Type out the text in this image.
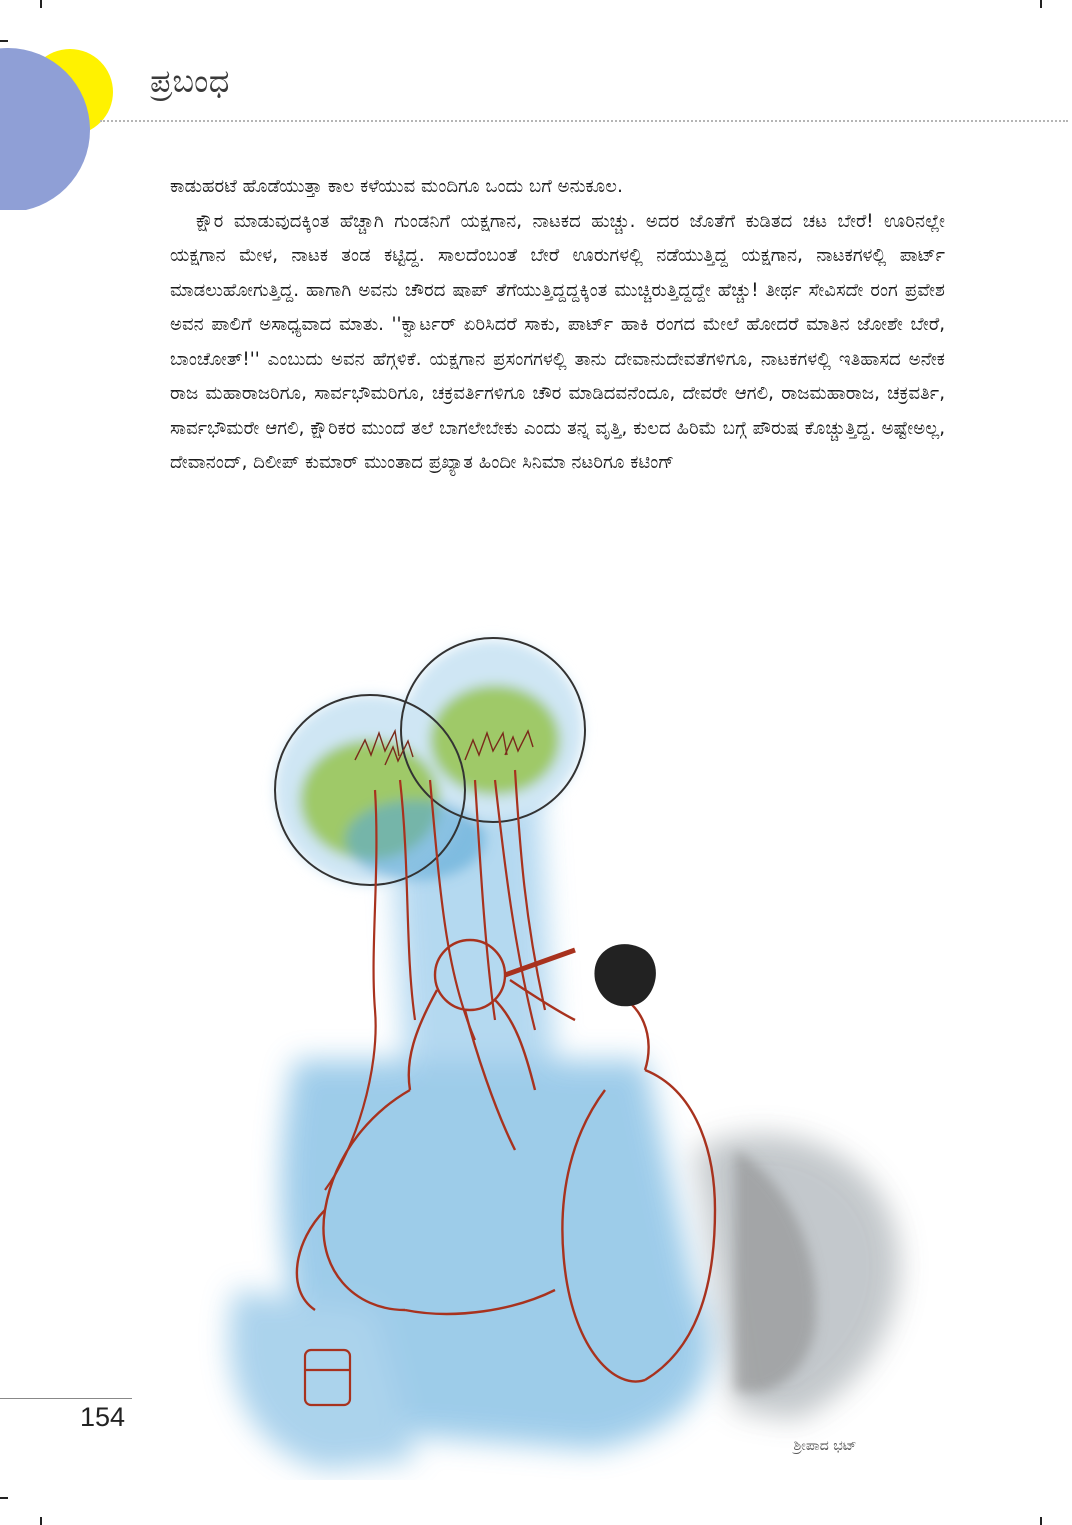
ಪ್ರಬಂಧ

ಕಾಡುಹರಟೆ ಹೊಡೆಯುತ್ತಾ ಕಾಲ ಕಳೆಯುವ ಮಂದಿಗೂ ಒಂದು ಬಗೆ ಅನುಕೂಲ.

ಕ್ಷೌರ ಮಾಡುವುದಕ್ಕಿಂತ ಹೆಚ್ಚಾಗಿ ಗುಂಡನಿಗೆ ಯಕ್ಷಗಾನ, ನಾಟಕದ ಹುಚ್ಚು. ಅದರ ಜೊತೆಗೆ ಕುಡಿತದ ಚಟ ಬೇರೆ! ಊರಿನಲ್ಲೇ ಯಕ್ಷಗಾನ ಮೇಳ, ನಾಟಕ ತಂಡ ಕಟ್ಟಿದ್ದ. ಸಾಲದೆಂಬಂತೆ ಬೇರೆ ಊರುಗಳಲ್ಲಿ ನಡೆಯುತ್ತಿದ್ದ ಯಕ್ಷಗಾನ, ನಾಟಕಗಳಲ್ಲಿ ಪಾರ್ಟ್ ಮಾಡಲುಹೋಗುತ್ತಿದ್ದ. ಹಾಗಾಗಿ ಅವನು ಚೌರದ ಷಾಪ್ ತೆಗೆಯುತ್ತಿದ್ದದ್ದಕ್ಕಿಂತ ಮುಚ್ಚಿರುತ್ತಿದ್ದದ್ದೇ ಹೆಚ್ಚು! ತೀರ್ಥ ಸೇವಿಸದೇ ರಂಗ ಪ್ರವೇಶ ಅವನ ಪಾಲಿಗೆ ಅಸಾಧ್ಯವಾದ ಮಾತು. ''ಕ್ವಾರ್ಟರ್ ಏರಿಸಿದರೆ ಸಾಕು, ಪಾರ್ಟ್ ಹಾಕಿ ರಂಗದ ಮೇಲೆ ಹೋದರೆ ಮಾತಿನ ಜೋಶೇ ಬೇರೆ, ಬಾಂಚೋತ್!'' ಎಂಬುದು ಅವನ ಹೆಗ್ಗಳಿಕೆ. ಯಕ್ಷಗಾನ ಪ್ರಸಂಗಗಳಲ್ಲಿ ತಾನು ದೇವಾನುದೇವತೆಗಳಿಗೂ, ನಾಟಕಗಳಲ್ಲಿ ಇತಿಹಾಸದ ಅನೇಕ ರಾಜ ಮಹಾರಾಜರಿಗೂ, ಸಾರ್ವಭೌಮರಿಗೂ, ಚಕ್ರವರ್ತಿಗಳಿಗೂ ಚೌರ ಮಾಡಿದವನೆಂದೂ, ದೇವರೇ ಆಗಲಿ, ರಾಜಮಹಾರಾಜ, ಚಕ್ರವರ್ತಿ, ಸಾರ್ವಭೌಮರೇ ಆಗಲಿ, ಕ್ಷೌರಿಕರ ಮುಂದೆ ತಲೆ ಬಾಗಲೇಬೇಕು ಎಂದು ತನ್ನ ವೃತ್ತಿ, ಕುಲದ ಹಿರಿಮೆ ಬಗ್ಗೆ ಪೌರುಷ ಕೊಚ್ಚುತ್ತಿದ್ದ. ಅಷ್ಟೇಅಲ್ಲ, ದೇವಾನಂದ್, ದಿಲೀಪ್ ಕುಮಾರ್ ಮುಂತಾದ ಪ್ರಖ್ಯಾತ ಹಿಂದೀ ಸಿನಿಮಾ ನಟರಿಗೂ ಕಟಿಂಗ್

ಶ್ರೀಪಾದ ಭಟ್
154
